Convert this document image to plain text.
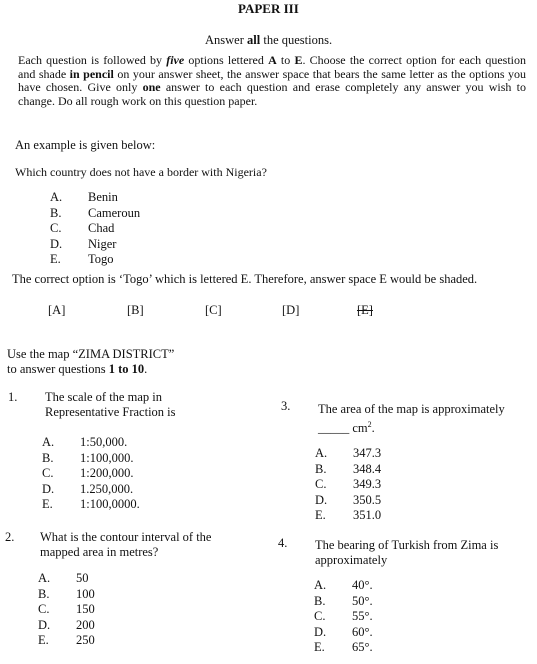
PAPER III
Answer all the questions.
Each question is followed by five options lettered A to E. Choose the correct option for each question and shade in pencil on your answer sheet, the answer space that bears the same letter as the options you have chosen. Give only one answer to each question and erase completely any answer you wish to change. Do all rough work on this question paper.
An example is given below:
Which country does not have a border with Nigeria?
A. Benin
B. Cameroun
C. Chad
D. Niger
E. Togo
The correct option is ‘Togo’ which is lettered E. Therefore, answer space E would be shaded.
[A]	[B]	[C]	[D]	[E]
Use the map “ZIMA DISTRICT”
to answer questions 1 to 10.
1. The scale of the map in
Representative Fraction is
A. 1:50,000.
B. 1:100,000.
C. 1:200,000.
D. 1.250,000.
E. 1:100,0000.
2. What is the contour interval of the
mapped area in metres?
A. 50
B. 100
C. 150
D. 200
E. 250
3. The area of the map is approximately
_____ $cm^2$.
A. 347.3
B. 348.4
C. 349.3
D. 350.5
E. 351.0
4. The bearing of Turkish from Zima is
approximately
A. 40°.
B. 50°.
C. 55°.
D. 60°.
E. 65°.
